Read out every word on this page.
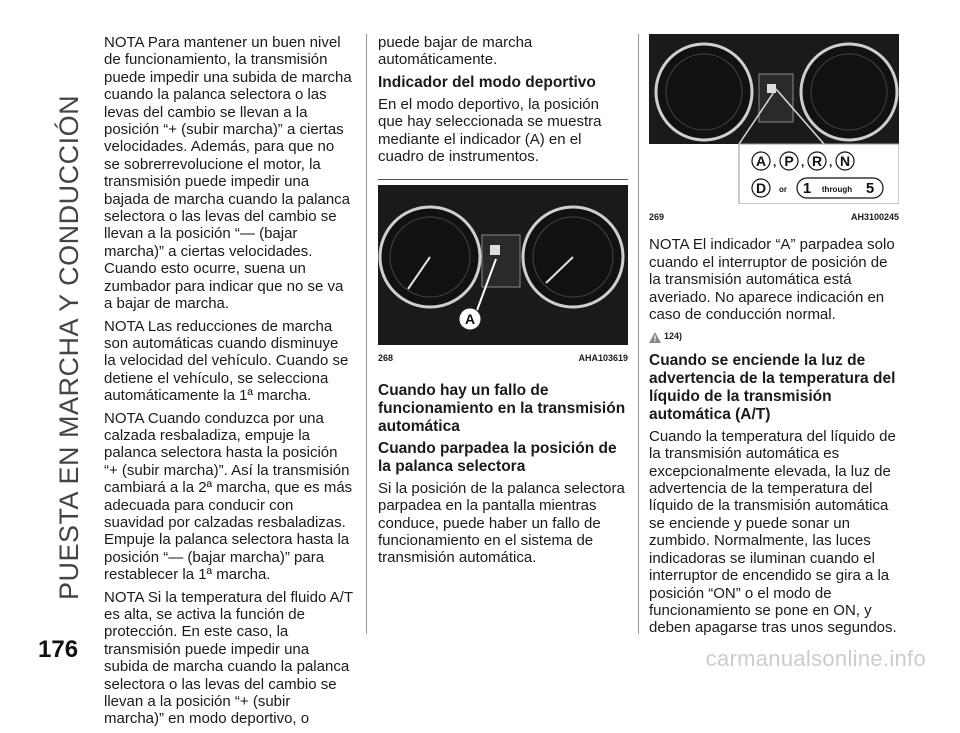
PUESTA EN MARCHA Y CONDUCCIÓN
176

NOTA Para mantener un buen nivel de funcionamiento, la transmisión puede impedir una subida de marcha cuando la palanca selectora o las levas del cambio se llevan a la posición “+ (subir marcha)” a ciertas velocidades. Además, para que no se sobrerrevolucione el motor, la transmisión puede impedir una bajada de marcha cuando la palanca selectora o las levas del cambio se llevan a la posición “— (bajar marcha)” a ciertas velocidades. Cuando esto ocurre, suena un zumbador para indicar que no se va a bajar de marcha.

NOTA Las reducciones de marcha son automáticas cuando disminuye la velocidad del vehículo. Cuando se detiene el vehículo, se selecciona automáticamente la 1ª marcha.

NOTA Cuando conduzca por una calzada resbaladiza, empuje la palanca selectora hasta la posición “+ (subir marcha)”. Así la transmisión cambiará a la 2ª marcha, que es más adecuada para conducir con suavidad por calzadas resbaladizas. Empuje la palanca selectora hasta la posición “— (bajar marcha)” para restablecer la 1ª marcha.

NOTA Si la temperatura del fluido A/T es alta, se activa la función de protección. En este caso, la transmisión puede impedir una subida de marcha cuando la palanca selectora o las levas del cambio se llevan a la posición “+ (subir marcha)” en modo deportivo, o

puede bajar de marcha automáticamente.

Indicador del modo deportivo

En el modo deportivo, la posición que hay seleccionada se muestra mediante el indicador (A) en el cuadro de instrumentos.

A
268	AHA103619
Cuando hay un fallo de funcionamiento en la transmisión automática
Cuando parpadea la posición de la palanca selectora

Si la posición de la palanca selectora parpadea en la pantalla mientras conduce, puede haber un fallo de funcionamiento en el sistema de transmisión automática.

A , P , R , N
D or 1 through 5
269	AH3100245

NOTA El indicador “A” parpadea solo cuando el interruptor de posición de la transmisión automática está averiado. No aparece indicación en caso de conducción normal.

124)
Cuando se enciende la luz de advertencia de la temperatura del líquido de la transmisión automática (A/T)

Cuando la temperatura del líquido de la transmisión automática es excepcionalmente elevada, la luz de advertencia de la temperatura del líquido de la transmisión automática se enciende y puede sonar un zumbido. Normalmente, las luces indicadoras se iluminan cuando el interruptor de encendido se gira a la posición “ON” o el modo de funcionamiento se pone en ON, y deben apagarse tras unos segundos.

carmanualsonline.info
